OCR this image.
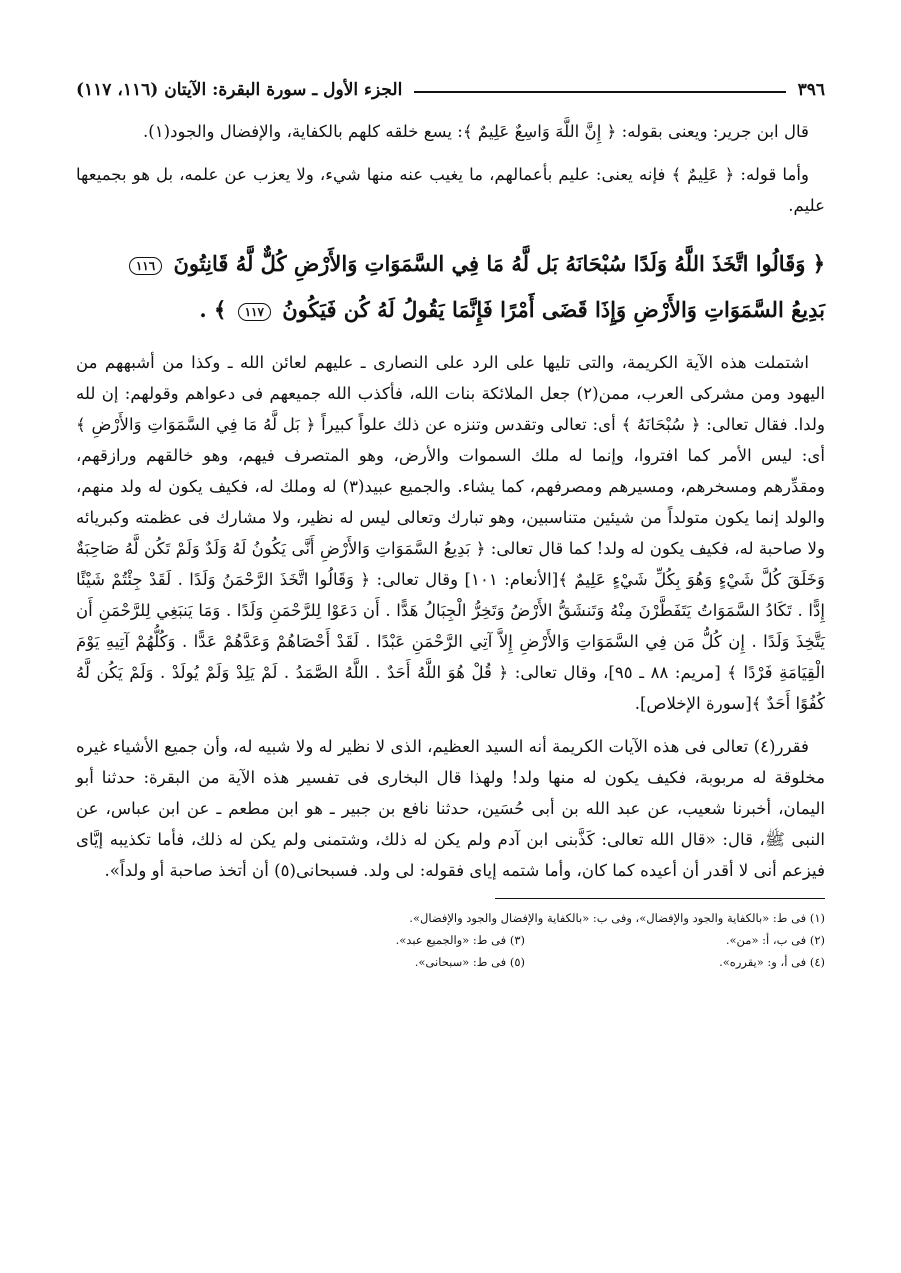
٣٩٦
الجزء الأول ـ سورة البقرة: الآيتان (١١٦، ١١٧)

قال ابن جرير: ويعنى بقوله: ﴿ إِنَّ اللَّهَ وَاسِعٌ عَلِيمٌ ﴾: يسع خلقه كلهم بالكفاية، والإفضال والجود(١).

وأما قوله: ﴿ عَلِيمٌ ﴾ فإنه يعنى: عليم بأعمالهم، ما يغيب عنه منها شيء، ولا يعزب عن علمه، بل هو بجميعها عليم.

﴿ وَقَالُوا اتَّخَذَ اللَّهُ وَلَدًا سُبْحَانَهُ بَل لَّهُ مَا فِي السَّمَوَاتِ وَالأَرْضِ كُلٌّ لَّهُ قَانِتُونَ ١١٦
بَدِيعُ السَّمَوَاتِ وَالأَرْضِ وَإِذَا قَضَى أَمْرًا فَإِنَّمَا يَقُولُ لَهُ كُن فَيَكُونُ ١١٧ ﴾ .

اشتملت هذه الآية الكريمة، والتى تليها على الرد على النصارى ـ عليهم لعائن الله ـ وكذا من أشبههم من اليهود ومن مشركى العرب، ممن(٢) جعل الملائكة بنات الله، فأكذب الله جميعهم فى دعواهم وقولهم: إن لله ولدا. فقال تعالى: ﴿ سُبْحَانَهُ ﴾ أى: تعالى وتقدس وتنزه عن ذلك علواً كبيراً ﴿ بَل لَّهُ مَا فِي السَّمَوَاتِ وَالأَرْضِ ﴾ أى: ليس الأمر كما افتروا، وإنما له ملك السموات والأرض، وهو المتصرف فيهم، وهو خالقهم ورازقهم، ومقدِّرهم ومسخرهم، ومسيرهم ومصرفهم، كما يشاء. والجميع عبيد(٣) له وملك له، فكيف يكون له ولد منهم، والولد إنما يكون متولداً من شيئين متناسبين، وهو تبارك وتعالى ليس له نظير، ولا مشارك فى عظمته وكبريائه ولا صاحبة له، فكيف يكون له ولد! كما قال تعالى: ﴿ بَدِيعُ السَّمَوَاتِ وَالأَرْضِ أَنَّى يَكُونُ لَهُ وَلَدٌ وَلَمْ تَكُن لَّهُ صَاحِبَةٌ وَخَلَقَ كُلَّ شَيْءٍ وَهُوَ بِكُلِّ شَيْءٍ عَلِيمٌ ﴾[الأنعام: ١٠١] وقال تعالى: ﴿ وَقَالُوا اتَّخَذَ الرَّحْمَنُ وَلَدًا . لَقَدْ جِئْتُمْ شَيْئًا إِدًّا . تَكَادُ السَّمَوَاتُ يَتَفَطَّرْنَ مِنْهُ وَتَنشَقُّ الأَرْضُ وَتَخِرُّ الْجِبَالُ هَدًّا . أَن دَعَوْا لِلرَّحْمَنِ وَلَدًا . وَمَا يَنبَغِي لِلرَّحْمَنِ أَن يَتَّخِذَ وَلَدًا . إِن كُلُّ مَن فِي السَّمَوَاتِ وَالأَرْضِ إِلاَّ آتِي الرَّحْمَنِ عَبْدًا . لَقَدْ أَحْصَاهُمْ وَعَدَّهُمْ عَدًّا . وَكُلُّهُمْ آتِيهِ يَوْمَ الْقِيَامَةِ فَرْدًا ﴾ [مريم: ٨٨ ـ ٩٥]، وقال تعالى: ﴿ قُلْ هُوَ اللَّهُ أَحَدٌ . اللَّهُ الصَّمَدُ . لَمْ يَلِدْ وَلَمْ يُولَدْ . وَلَمْ يَكُن لَّهُ كُفُوًا أَحَدٌ ﴾[سورة الإخلاص].

فقرر(٤) تعالى فى هذه الآيات الكريمة أنه السيد العظيم، الذى لا نظير له ولا شبيه له، وأن جميع الأشياء غيره مخلوقة له مربوبة، فكيف يكون له منها ولد! ولهذا قال البخارى فى تفسير هذه الآية من البقرة: حدثنا أبو اليمان، أخبرنا شعيب، عن عبد الله بن أبى حُسَين، حدثنا نافع بن جبير ـ هو ابن مطعم ـ عن ابن عباس، عن النبى ﷺ، قال: «قال الله تعالى: كَذَّبنى ابن آدم ولم يكن له ذلك، وشتمنى ولم يكن له ذلك، فأما تكذيبه إيَّاى فيزعم أنى لا أقدر أن أعيده كما كان، وأما شتمه إياى فقوله: لى ولد. فسبحانى(٥) أن أتخذ صاحبة أو ولداً».

(١) فى ط: «بالكفاية والجود والإفضال»، وفى ب: «بالكفاية والإفضال والجود والإفضال».
(٢) فى ب، أ: «من».
(٣) فى ط: «والجميع عبد».
(٤) فى أ، و: «يقرره».
(٥) فى ط: «سبحانى».
